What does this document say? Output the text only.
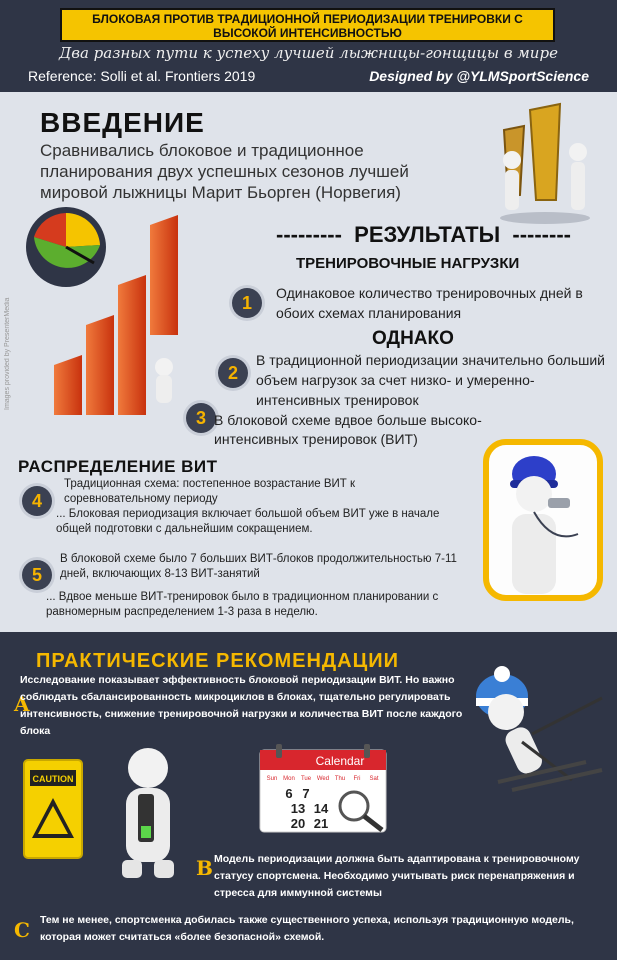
БЛОКОВАЯ ПРОТИВ ТРАДИЦИОННОЙ ПЕРИОДИЗАЦИИ ТРЕНИРОВКИ С
ВЫСОКОЙ ИНТЕНСИВНОСТЬЮ
Два разных пути к успеху лучшей лыжницы-гонщицы в мире
Reference: Solli et al. Frontiers 2019	Designed by @YLMSportScience
ВВЕДЕНИЕ
Сравнивались блоковое и традиционное планирования двух успешных сезонов лучшей мировой лыжницы Марит Бьорген (Норвегия)
Images provided by PresenterMedia
---------  РЕЗУЛЬТАТЫ  --------
ТРЕНИРОВОЧНЫЕ НАГРУЗКИ
1	Одинаковое количество тренировочных дней в обоих схемах планирования
ОДНАКО
2
В традиционной периодизации значительно больший объем нагрузок за счет низко- и умеренно-интенсивных тренировок
3 В блоковой схеме вдвое больше высоко-интенсивных тренировок (ВИТ)
РАСПРЕДЕЛЕНИЕ ВИТ
4
Традиционная схема: постепенное возрастание ВИТ к соревновательному периоду
... Блоковая периодизация включает большой объем ВИТ уже в начале общей подготовки с дальнейшим сокращением.
5
В блоковой схеме было 7 больших ВИТ-блоков продолжительностью 7-11 дней, включающих 8-13 ВИТ-занятий
... Вдвое меньше ВИТ-тренировок было в традиционном планировании с равномерным распределением 1-3 раза в неделю.
ПРАКТИЧЕСКИЕ РЕКОМЕНДАЦИИ
A
Исследование показывает эффективность блоковой периодизации ВИТ. Но важно соблюдать сбалансированность микроциклов в блоках, тщательно регулировать интенсивность, снижение тренировочной нагрузки и количества ВИТ после каждого блока
CAUTION
Calendar
Sun Mon Tue Wed Thu Fri Sat
6 7
13 14
20 21
B Модель периодизации должна быть адаптирована к тренировочному статусу спортсмена. Необходимо учитывать риск перенапряжения и стресса для иммунной системы
C Тем не менее, спортсменка добилась также существенного успеха, используя традиционную модель, которая может считаться «более безопасной» схемой.
